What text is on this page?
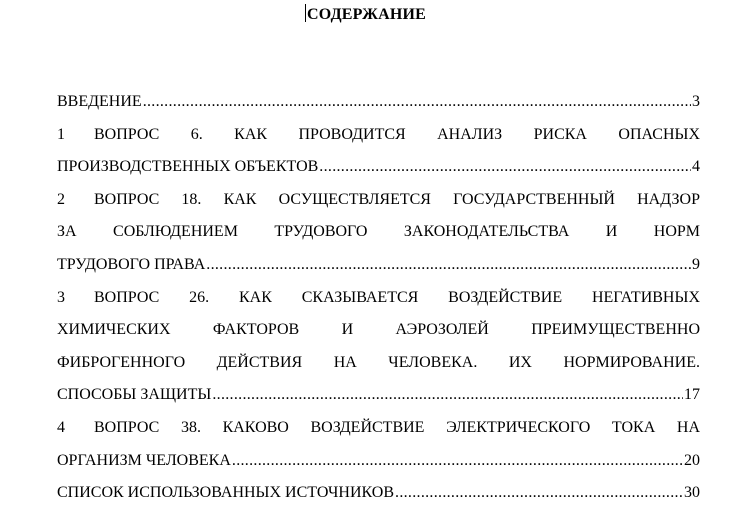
СОДЕРЖАНИЕ
ВВЕДЕНИЕ .....	3
1 ВОПРОС 6. КАК ПРОВОДИТСЯ АНАЛИЗ РИСКА ОПАСНЫХ
ПРОИЗВОДСТВЕННЫХ ОБЪЕКТОВ .....	4
2 ВОПРОС 18. КАК ОСУЩЕСТВЛЯЕТСЯ ГОСУДАРСТВЕННЫЙ НАДЗОР
ЗА СОБЛЮДЕНИЕМ ТРУДОВОГО ЗАКОНОДАТЕЛЬСТВА И НОРМ
ТРУДОВОГО ПРАВА .....	9
3 ВОПРОС 26. КАК СКАЗЫВАЕТСЯ ВОЗДЕЙСТВИЕ НЕГАТИВНЫХ
ХИМИЧЕСКИХ ФАКТОРОВ И АЭРОЗОЛЕЙ ПРЕИМУЩЕСТВЕННО
ФИБРОГЕННОГО ДЕЙСТВИЯ НА ЧЕЛОВЕКА. ИХ НОРМИРОВАНИЕ.
СПОСОБЫ ЗАЩИТЫ .....	17
4 ВОПРОС 38. КАКОВО ВОЗДЕЙСТВИЕ ЭЛЕКТРИЧЕСКОГО ТОКА НА
ОРГАНИЗМ ЧЕЛОВЕКА .....	20
СПИСОК ИСПОЛЬЗОВАННЫХ ИСТОЧНИКОВ .....	30
